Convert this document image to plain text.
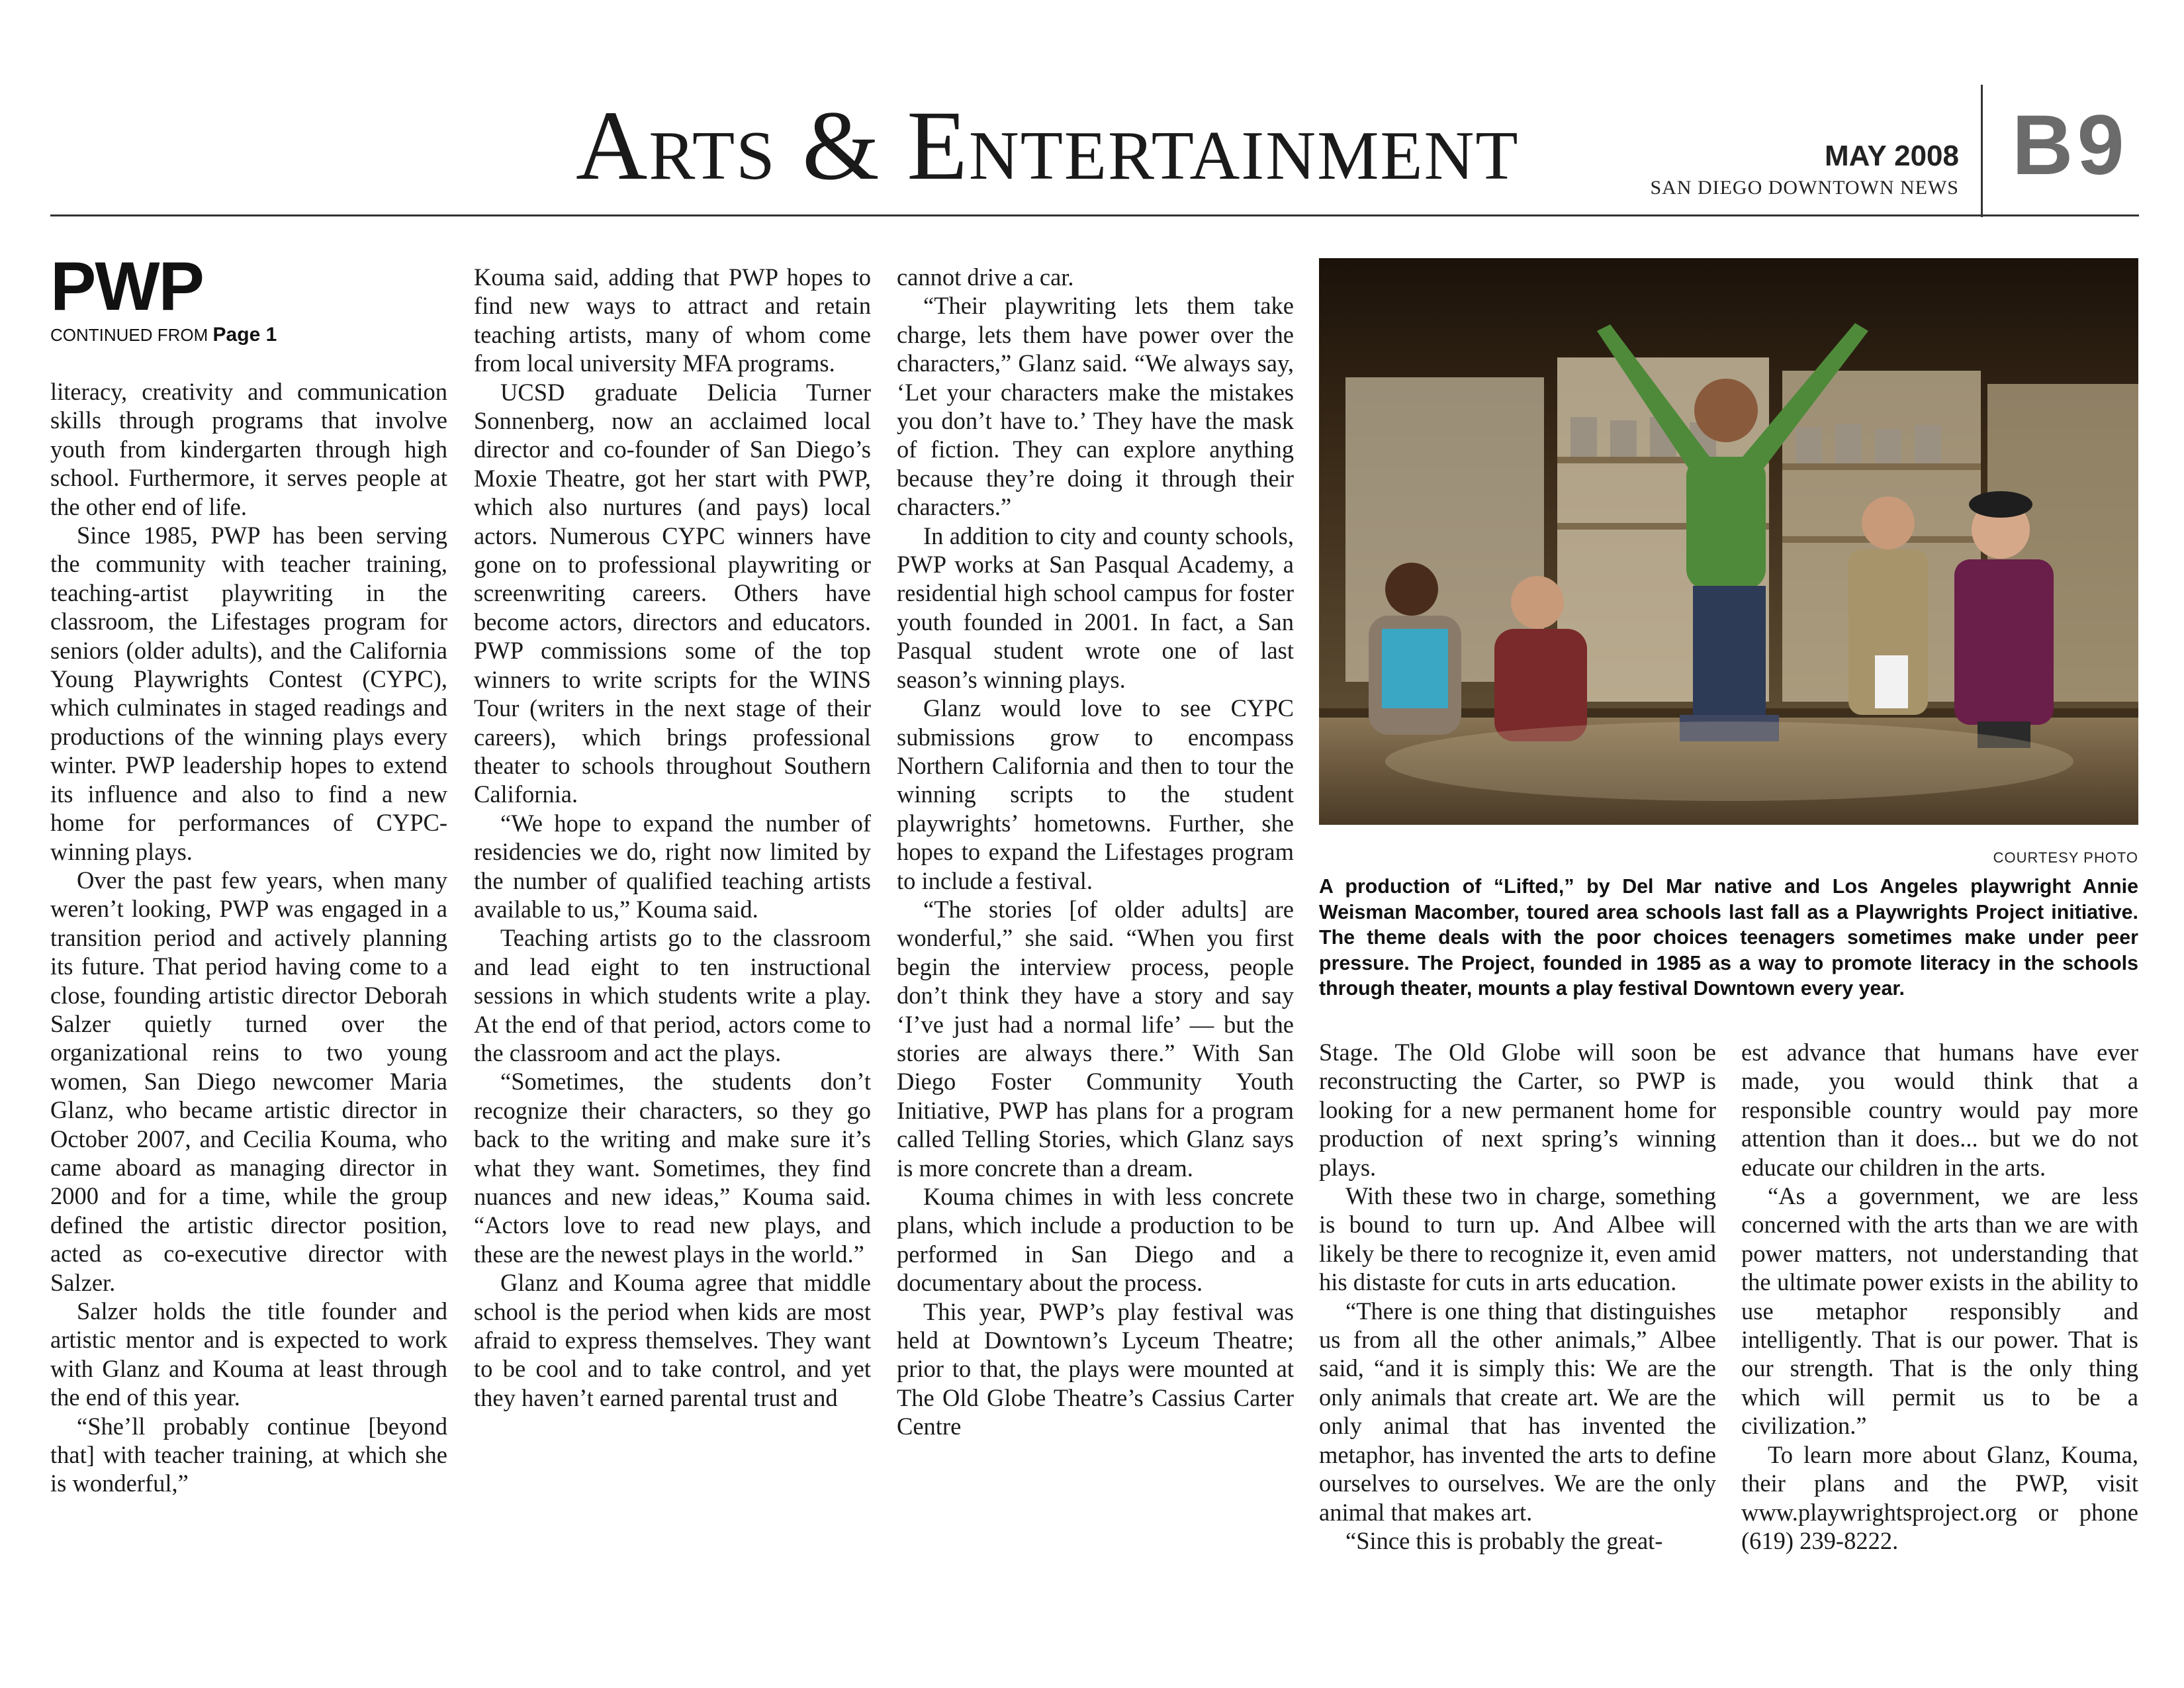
Arts & Entertainment	MAY 2008
SAN DIEGO DOWNTOWN NEWS B9
PWP
CONTINUED FROM Page 1

literacy, creativity and communication skills through programs that involve youth from kindergarten through high school. Furthermore, it serves people at the other end of life.

Since 1985, PWP has been serving the community with teacher training, teaching-artist playwriting in the classroom, the Lifestages program for seniors (older adults), and the California Young Playwrights Contest (CYPC), which culminates in staged readings and productions of the winning plays every winter. PWP leadership hopes to extend its influence and also to find a new home for performances of CYPC-winning plays.

Over the past few years, when many weren’t looking, PWP was engaged in a transition period and actively planning its future. That period having come to a close, founding artistic director Deborah Salzer quietly turned over the organizational reins to two young women, San Diego newcomer Maria Glanz, who became artistic director in October 2007, and Cecilia Kouma, who came aboard as managing director in 2000 and for a time, while the group defined the artistic director position, acted as co-executive director with Salzer.

Salzer holds the title founder and artistic mentor and is expected to work with Glanz and Kouma at least through the end of this year.

“She’ll probably continue [beyond that] with teacher training, at which she is wonderful,”

Kouma said, adding that PWP hopes to find new ways to attract and retain teaching artists, many of whom come from local university MFA programs.

UCSD graduate Delicia Turner Sonnenberg, now an acclaimed local director and co-founder of San Diego’s Moxie Theatre, got her start with PWP, which also nurtures (and pays) local actors. Numerous CYPC winners have gone on to professional playwriting or screenwriting careers. Others have become actors, directors and educators. PWP commissions some of the top winners to write scripts for the WINS Tour (writers in the next stage of their careers), which brings professional theater to schools throughout Southern California.

“We hope to expand the number of residencies we do, right now limited by the number of qualified teaching artists available to us,” Kouma said.

Teaching artists go to the classroom and lead eight to ten instructional sessions in which students write a play. At the end of that period, actors come to the classroom and act the plays.

“Sometimes, the students don’t recognize their characters, so they go back to the writing and make sure it’s what they want. Sometimes, they find nuances and new ideas,” Kouma said. “Actors love to read new plays, and these are the newest plays in the world.”

Glanz and Kouma agree that middle school is the period when kids are most afraid to express themselves. They want to be cool and to take control, and yet they haven’t earned parental trust and

cannot drive a car.

“Their playwriting lets them take charge, lets them have power over the characters,” Glanz said. “We always say, ‘Let your characters make the mistakes you don’t have to.’ They have the mask of fiction. They can explore anything because they’re doing it through their characters.”

In addition to city and county schools, PWP works at San Pasqual Academy, a residential high school campus for foster youth founded in 2001. In fact, a San Pasqual student wrote one of last season’s winning plays.

Glanz would love to see CYPC submissions grow to encompass Northern California and then to tour the winning scripts to the student playwrights’ hometowns. Further, she hopes to expand the Lifestages program to include a festival.

“The stories [of older adults] are wonderful,” she said. “When you first begin the interview process, people don’t think they have a story and say ‘I’ve just had a normal life’ — but the stories are always there.” With San Diego Foster Community Youth Initiative, PWP has plans for a program called Telling Stories, which Glanz says is more concrete than a dream.

Kouma chimes in with less concrete plans, which include a production to be performed in San Diego and a documentary about the process.

This year, PWP’s play festival was held at Downtown’s Lyceum Theatre; prior to that, the plays were mounted at The Old Globe Theatre’s Cassius Carter Centre

COURTESY PHOTO
A production of “Lifted,” by Del Mar native and Los Angeles playwright Annie Weisman Macomber, toured area schools last fall as a Playwrights Project initiative. The theme deals with the poor choices teenagers sometimes make under peer pressure. The Project, founded in 1985 as a way to promote literacy in the schools through theater, mounts a play festival Downtown every year.

Stage. The Old Globe will soon be reconstructing the Carter, so PWP is looking for a new permanent home for production of next spring’s winning plays.

With these two in charge, something is bound to turn up. And Albee will likely be there to recognize it, even amid his distaste for cuts in arts education.

“There is one thing that distinguishes us from all the other animals,” Albee said, “and it is simply this: We are the only animals that create art. We are the only animal that has invented the metaphor, has invented the arts to define ourselves to ourselves. We are the only animal that makes art.

“Since this is probably the great-

est advance that humans have ever made, you would think that a responsible country would pay more attention than it does... but we do not educate our children in the arts.

“As a government, we are less concerned with the arts than we are with power matters, not understanding that the ultimate power exists in the ability to use metaphor responsibly and intelligently. That is our power. That is our strength. That is the only thing which will permit us to be a civilization.”

To learn more about Glanz, Kouma, their plans and the PWP, visit www.playwrightsproject.org or phone (619) 239-8222.
